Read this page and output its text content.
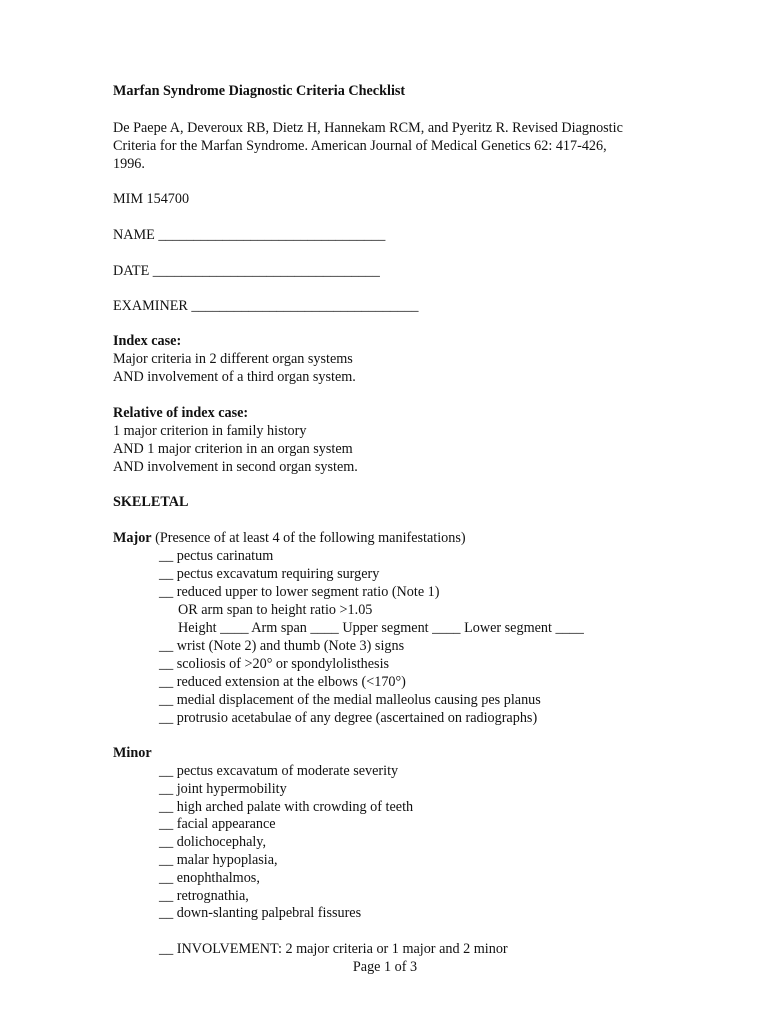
Marfan Syndrome Diagnostic Criteria Checklist
De Paepe A, Deveroux RB, Dietz H, Hannekam RCM, and Pyeritz R. Revised Diagnostic
Criteria for the Marfan Syndrome. American Journal of Medical Genetics 62: 417-426,
1996.
MIM 154700
NAME ________________________________
DATE ________________________________
EXAMINER ________________________________
Index case:
Major criteria in 2 different organ systems
AND involvement of a third organ system.
Relative of index case:
1 major criterion in family history
AND 1 major criterion in an organ system
AND involvement in second organ system.
SKELETAL
Major (Presence of at least 4 of the following manifestations)
__ pectus carinatum
__ pectus excavatum requiring surgery
__ reduced upper to lower segment ratio (Note 1)
OR arm span to height ratio >1.05
Height ____ Arm span ____ Upper segment ____ Lower segment ____
__ wrist (Note 2) and thumb (Note 3) signs
__ scoliosis of >20° or spondylolisthesis
__ reduced extension at the elbows (<170°)
__ medial displacement of the medial malleolus causing pes planus
__ protrusio acetabulae of any degree (ascertained on radiographs)
Minor
__ pectus excavatum of moderate severity
__ joint hypermobility
__ high arched palate with crowding of teeth
__ facial appearance
__ dolichocephaly,
__ malar hypoplasia,
__ enophthalmos,
__ retrognathia,
__ down-slanting palpebral fissures
__ INVOLVEMENT: 2 major criteria or 1 major and 2 minor
Page 1 of 3
